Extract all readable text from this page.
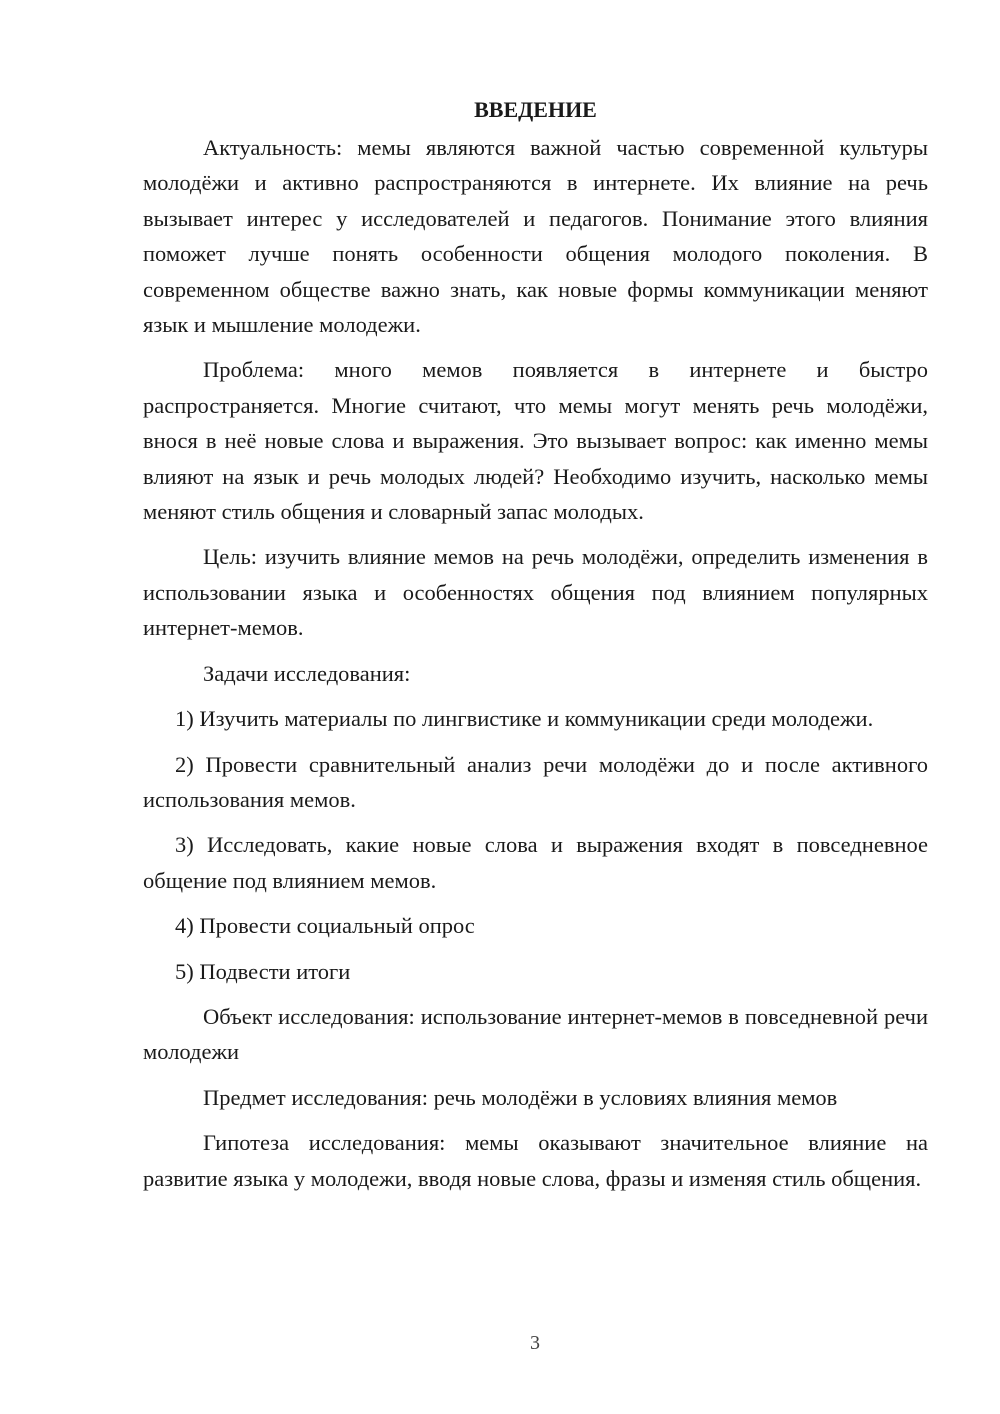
ВВЕДЕНИЕ

Актуальность: мемы являются важной частью современной культуры молодёжи и активно распространяются в интернете. Их влияние на речь вызывает интерес у исследователей и педагогов. Понимание этого влияния поможет лучше понять особенности общения молодого поколения. В современном обществе важно знать, как новые формы коммуникации меняют язык и мышление молодежи.

Проблема: много мемов появляется в интернете и быстро распространяется. Многие считают, что мемы могут менять речь молодёжи, внося в неё новые слова и выражения. Это вызывает вопрос: как именно мемы влияют на язык и речь молодых людей? Необходимо изучить, насколько мемы меняют стиль общения и словарный запас молодых.

Цель: изучить влияние мемов на речь молодёжи, определить изменения в использовании языка и особенностях общения под влиянием популярных интернет-мемов.

Задачи исследования:

1) Изучить материалы по лингвистике и коммуникации среди молодежи.

2) Провести сравнительный анализ речи молодёжи до и после активного использования мемов.

3) Исследовать, какие новые слова и выражения входят в повседневное общение под влиянием мемов.

4) Провести социальный опрос

5) Подвести итоги

Объект исследования: использование интернет-мемов в повседневной речи молодежи

Предмет исследования: речь молодёжи в условиях влияния мемов

Гипотеза исследования: мемы оказывают значительное влияние на развитие языка у молодежи, вводя новые слова, фразы и изменяя стиль общения.

3
